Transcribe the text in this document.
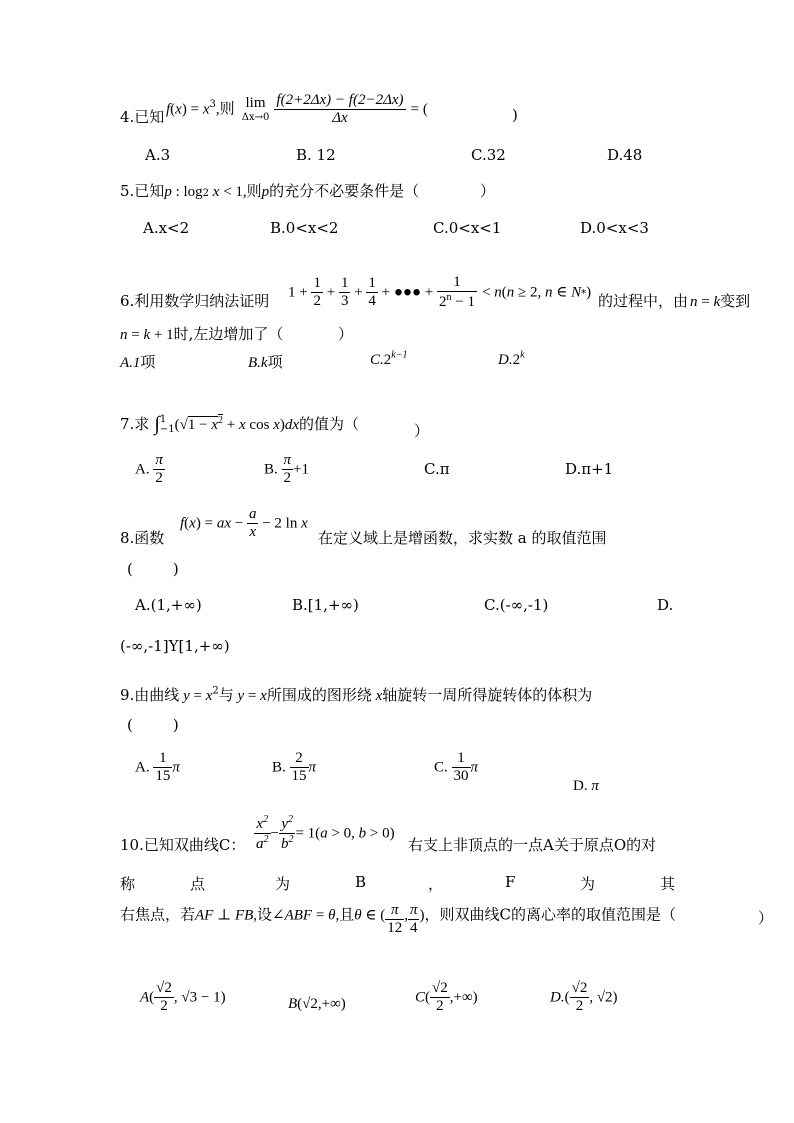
4.已知 $f(x) = x^3$,则 lim
Δx→0
$\frac{f(2+2\Delta x) - f(2-2\Delta x)}{\Delta x}$ = (	)
A.3	B. 12	C.32	D.48
5.已知p : log2 x < 1,则p的充分不必要条件是（	）
A.x<2	B.0<x<2	C.0<x<1	D.0<x<3
6.利用数学归纳法证明 $1 + \frac{1}{2} + \frac{1}{3} + \frac{1}{4}$ + ●●● + $\frac{1}{2^n - 1} < n(n \ge 2$, n ∈ N*) 的过程中，由 n = k变到
n = k + 1时,左边增加了（	）
A.1项	B.k项	$C.2^{k-1}$	D.2$^k$
7.求 ∫ 1
−1 ($√1 - x^2 + x$ cos x)dx的值为（	）
A. $\frac{\pi}{2}$	B. $\frac{\pi}{2} +1$	C.π	D.π+1
8.函数
f(x) = ax − $\frac{a}{x} - 2$ ln x
在定义域上是增函数，求实数 a 的取值范围
(	)
A.(1,+∞)	B.[1,+∞)	C.(-∞,-1)	D.
(-∞,-1]Y[1,+∞)
9.由曲线 $y = x^2$与 y = x所围成的图形绕 x轴旋转一周所得旋转体的体积为
(	)
A. $\frac{1}{15}$ π	B. $\frac{2}{15}$ π	C. $\frac{1}{30}$ π
D. π
10.已知双曲线C： $\frac{x^2}{a^2} - \frac{y^2}{b^2} = 1(a > 0$, b > 0)
右支上非顶点的一点A关于原点O的对
称	点	为	B	，	F	为	其
右焦点，若AF ⊥ FB,设∠ABF = θ,且θ ∈ ( $\frac{\pi}{12}$ , $\frac{\pi}{4}$ )，则双曲线C的离心率的取值范围是（	）
$A( \frac{√2}{2}$ , √3 − 1)	B(√2,+∞)	$C( \frac{√2}{2}$ ,+∞)	$D.( \frac{√2}{2}$ , √2)
